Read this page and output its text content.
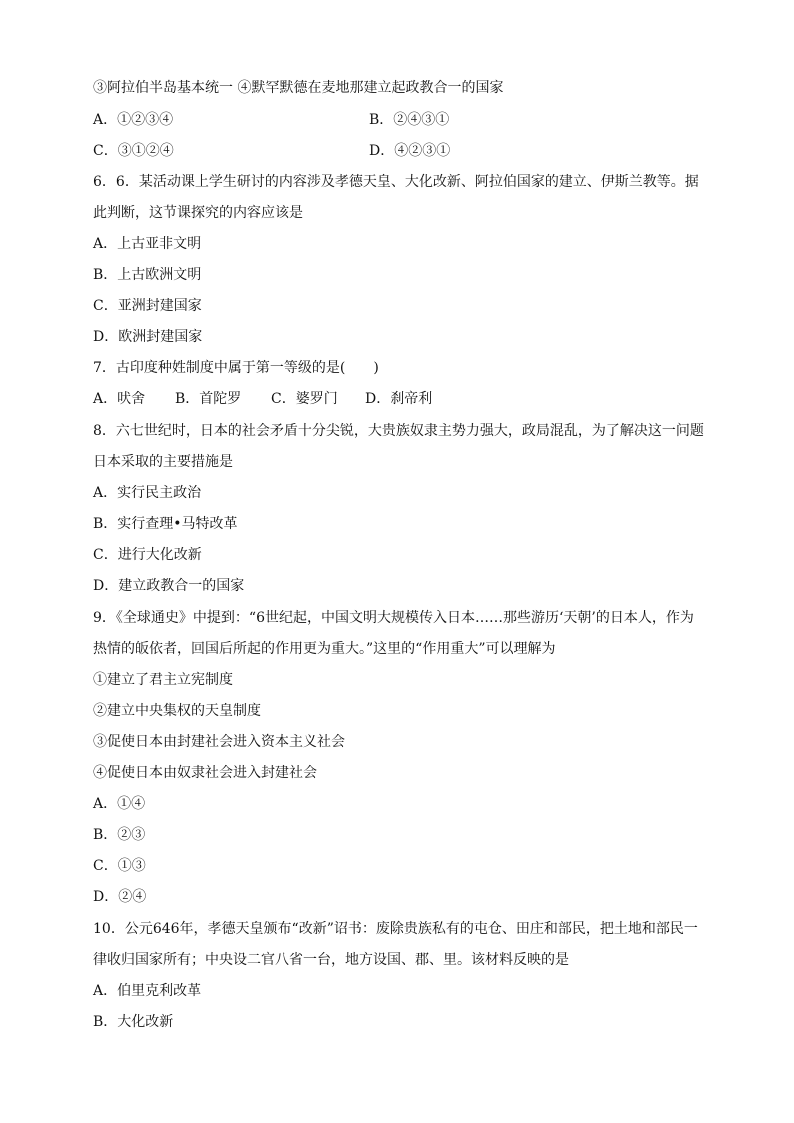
③阿拉伯半岛基本统一 ④默罕默德在麦地那建立起政教合一的国家
A．①②③④	B．②④③①
C．③①②④	D．④②③①
6．6．某活动课上学生研讨的内容涉及孝德天皇、大化改新、阿拉伯国家的建立、伊斯兰教等。据
此判断，这节课探究的内容应该是
A．上古亚非文明
B．上古欧洲文明
C．亚洲封建国家
D．欧洲封建国家
7．古印度种姓制度中属于第一等级的是(　　)
A．吠舍 B．首陀罗 C．婆罗门 D．刹帝利
8．六七世纪时，日本的社会矛盾十分尖锐，大贵族奴隶主势力强大，政局混乱，为了解决这一问题
日本采取的主要措施是
A．实行民主政治
B．实行查理•马特改革
C．进行大化改新
D．建立政教合一的国家
9．《全球通史》中提到：“6世纪起，中国文明大规模传入日本……那些游历‘天朝’的日本人，作为
热情的皈依者，回国后所起的作用更为重大。”这里的“作用重大”可以理解为
①建立了君主立宪制度
②建立中央集权的天皇制度
③促使日本由封建社会进入资本主义社会
④促使日本由奴隶社会进入封建社会
A．①④
B．②③
C．①③
D．②④
10．公元646年，孝德天皇颁布“改新”诏书：废除贵族私有的屯仓、田庄和部民，把土地和部民一
律收归国家所有；中央设二官八省一台，地方设国、郡、里。该材料反映的是
A．伯里克利改革
B．大化改新
